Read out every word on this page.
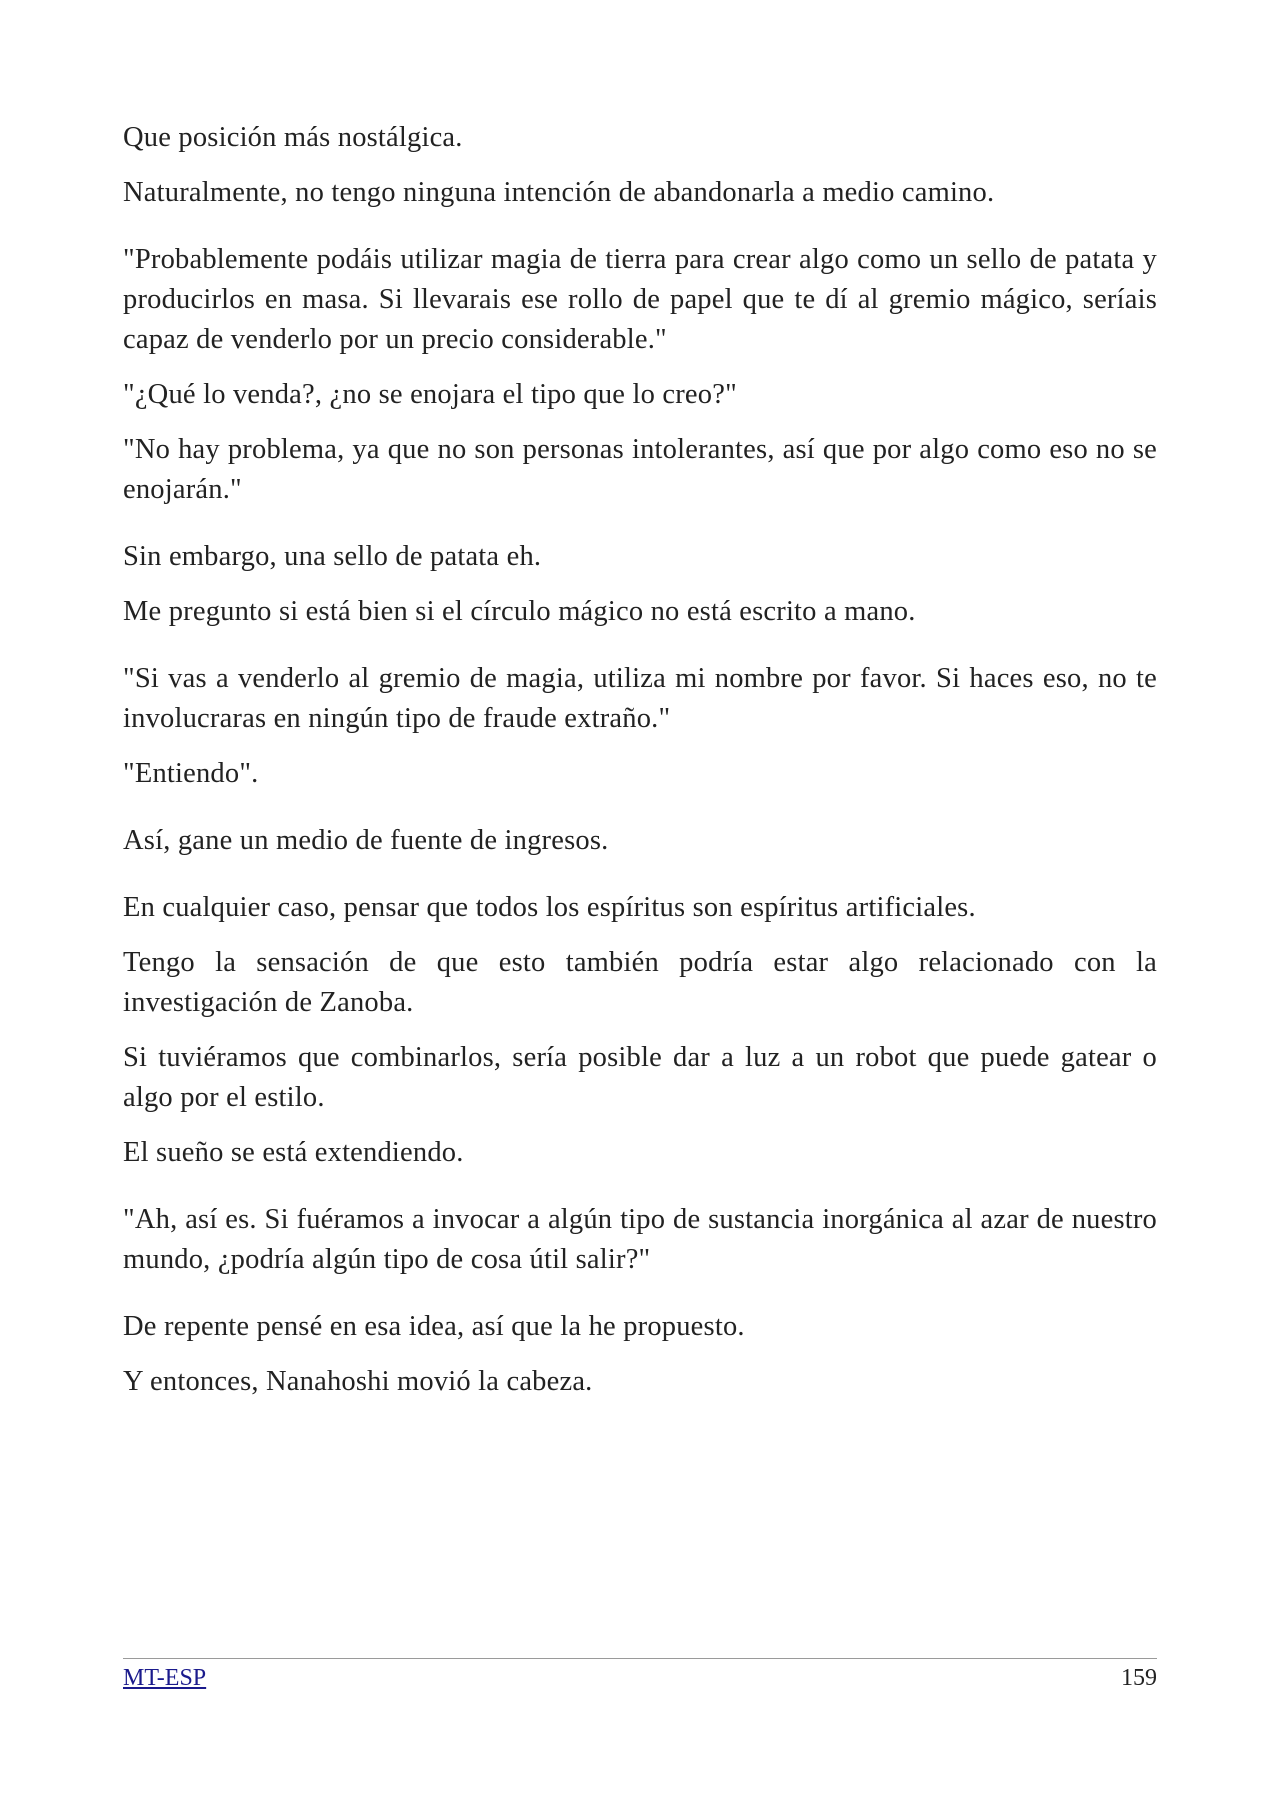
Que posición más nostálgica.

Naturalmente, no tengo ninguna intención de abandonarla a medio camino.

"Probablemente podáis utilizar magia de tierra para crear algo como un sello de patata y producirlos en masa. Si llevarais ese rollo de papel que te dí al gremio mágico, seríais capaz de venderlo por un precio considerable."

"¿Qué lo venda?, ¿no se enojara el tipo que lo creo?"

"No hay problema, ya que no son personas intolerantes, así que por algo como eso no se enojarán."

Sin embargo, una sello de patata eh.

Me pregunto si está bien si el círculo mágico no está escrito a mano.

"Si vas a venderlo al gremio de magia, utiliza mi nombre por favor. Si haces eso, no te involucraras en ningún tipo de fraude extraño."

"Entiendo".

Así, gane un medio de fuente de ingresos.

En cualquier caso, pensar que todos los espíritus son espíritus artificiales.

Tengo la sensación de que esto también podría estar algo relacionado con la investigación de Zanoba.

Si tuviéramos que combinarlos, sería posible dar a luz a un robot que puede gatear o algo por el estilo.

El sueño se está extendiendo.

"Ah, así es. Si fuéramos a invocar a algún tipo de sustancia inorgánica al azar de nuestro mundo, ¿podría algún tipo de cosa útil salir?"

De repente pensé en esa idea, así que la he propuesto.

Y entonces, Nanahoshi movió la cabeza.

MT-ESP	159
